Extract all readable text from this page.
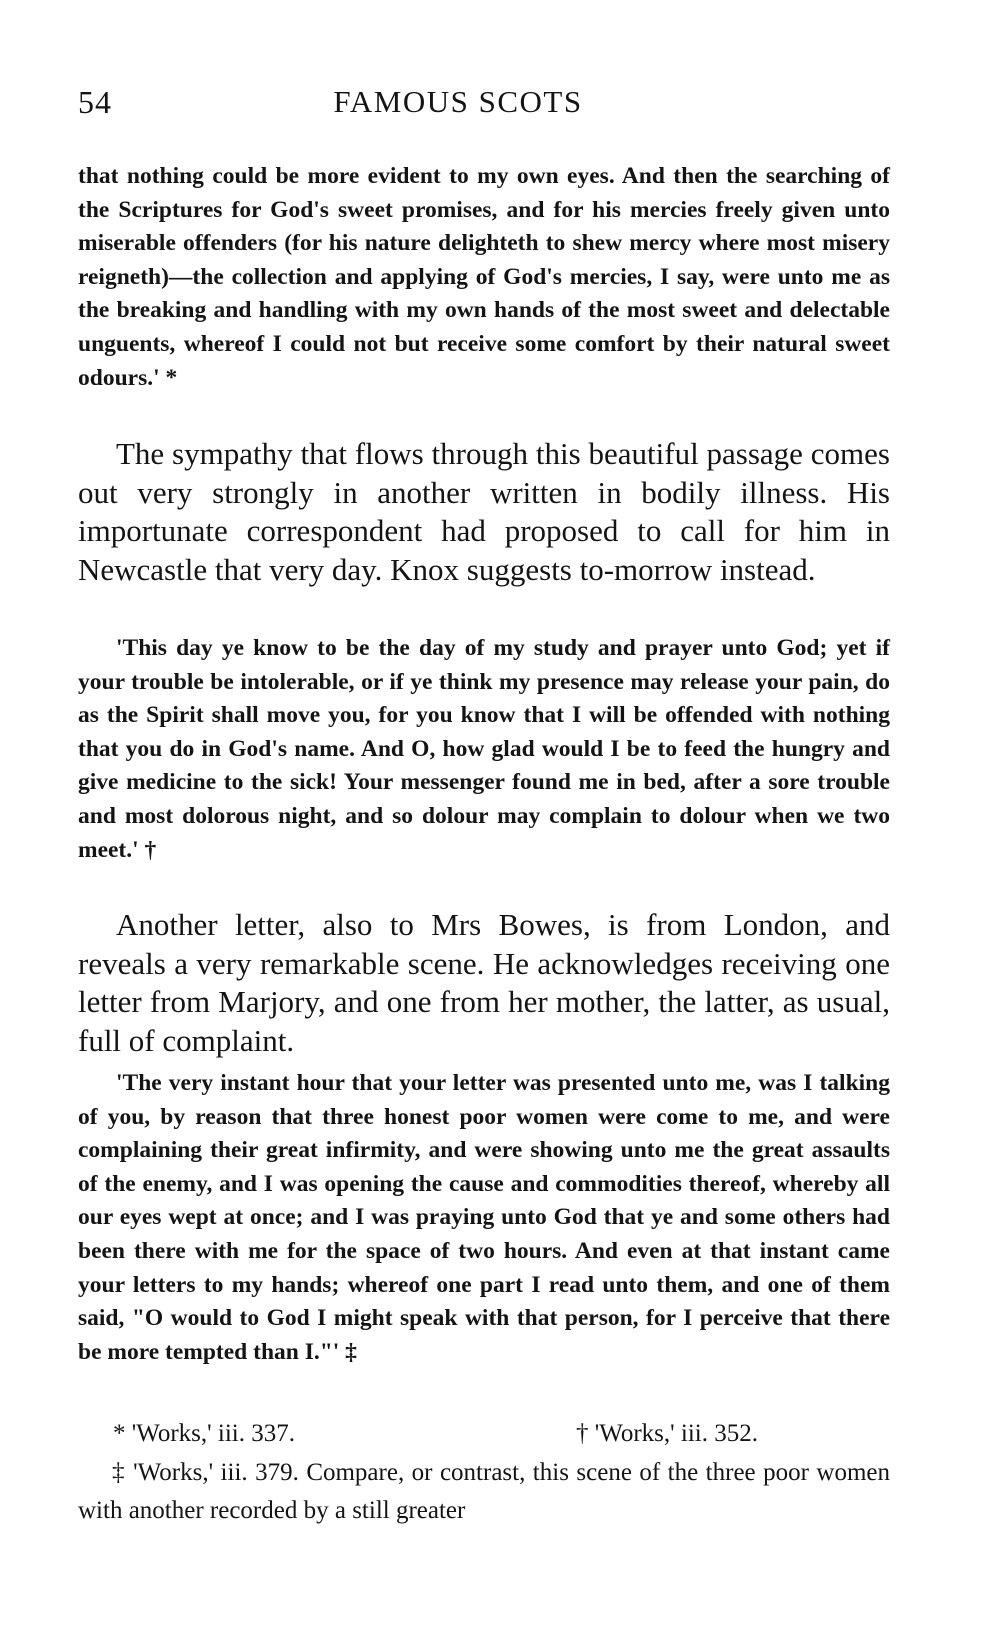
54	FAMOUS SCOTS

that nothing could be more evident to my own eyes. And then the searching of the Scriptures for God's sweet promises, and for his mercies freely given unto miserable offenders (for his nature delighteth to shew mercy where most misery reigneth)—the collection and applying of God's mercies, I say, were unto me as the breaking and handling with my own hands of the most sweet and delectable unguents, whereof I could not but receive some comfort by their natural sweet odours.' *

The sympathy that flows through this beautiful passage comes out very strongly in another written in bodily illness. His importunate correspondent had proposed to call for him in Newcastle that very day. Knox suggests to-morrow instead.

'This day ye know to be the day of my study and prayer unto God; yet if your trouble be intolerable, or if ye think my presence may release your pain, do as the Spirit shall move you, for you know that I will be offended with nothing that you do in God's name. And O, how glad would I be to feed the hungry and give medicine to the sick! Your messenger found me in bed, after a sore trouble and most dolorous night, and so dolour may complain to dolour when we two meet.' †

Another letter, also to Mrs Bowes, is from London, and reveals a very remarkable scene. He acknowledges receiving one letter from Marjory, and one from her mother, the latter, as usual, full of complaint.

'The very instant hour that your letter was presented unto me, was I talking of you, by reason that three honest poor women were come to me, and were complaining their great infirmity, and were showing unto me the great assaults of the enemy, and I was opening the cause and commodities thereof, whereby all our eyes wept at once; and I was praying unto God that ye and some others had been there with me for the space of two hours. And even at that instant came your letters to my hands; whereof one part I read unto them, and one of them said, "O would to God I might speak with that person, for I perceive that there be more tempted than I."' ‡

* 'Works,' iii. 337.	† 'Works,' iii. 352.

‡ 'Works,' iii. 379. Compare, or contrast, this scene of the three poor women with another recorded by a still greater
